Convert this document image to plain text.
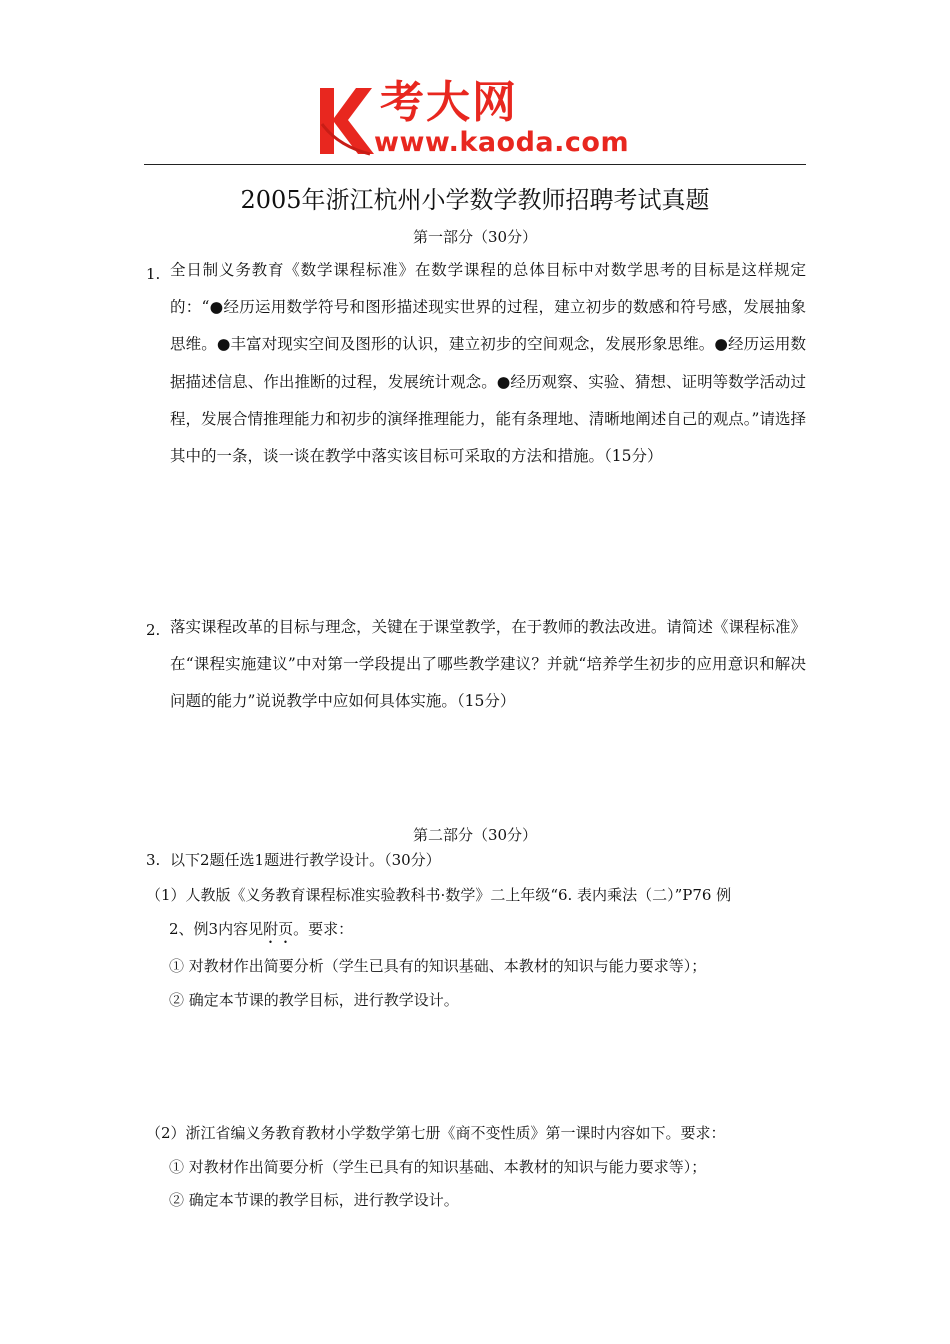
考大网
www.kaoda.com
2005年浙江杭州小学数学教师招聘考试真题
第一部分（30分）
1. 全日制义务教育《数学课程标准》在数学课程的总体目标中对数学思考的目标是这样规定的：“●经历运用数学符号和图形描述现实世界的过程，建立初步的数感和符号感，发展抽象思维。●丰富对现实空间及图形的认识，建立初步的空间观念，发展形象思维。●经历运用数据描述信息、作出推断的过程，发展统计观念。●经历观察、实验、猜想、证明等数学活动过程，发展合情推理能力和初步的演绎推理能力，能有条理地、清晰地阐述自己的观点。”请选择其中的一条，谈一谈在教学中落实该目标可采取的方法和措施。（15分）
2. 落实课程改革的目标与理念，关键在于课堂教学，在于教师的教法改进。请简述《课程标准》在“课程实施建议”中对第一学段提出了哪些教学建议？并就“培养学生初步的应用意识和解决问题的能力”说说教学中应如何具体实施。（15分）
第二部分（30分）
3. 以下2题任选1题进行教学设计。（30分）
（1）人教版《义务教育课程标准实验教科书·数学》二上年级“6. 表内乘法（二）”P76 例
2、例3内容见附页。要求：
① 对教材作出简要分析（学生已具有的知识基础、本教材的知识与能力要求等）；
② 确定本节课的教学目标，进行教学设计。
（2）浙江省编义务教育教材小学数学第七册《商不变性质》第一课时内容如下。要求：
① 对教材作出简要分析（学生已具有的知识基础、本教材的知识与能力要求等）；
② 确定本节课的教学目标，进行教学设计。
